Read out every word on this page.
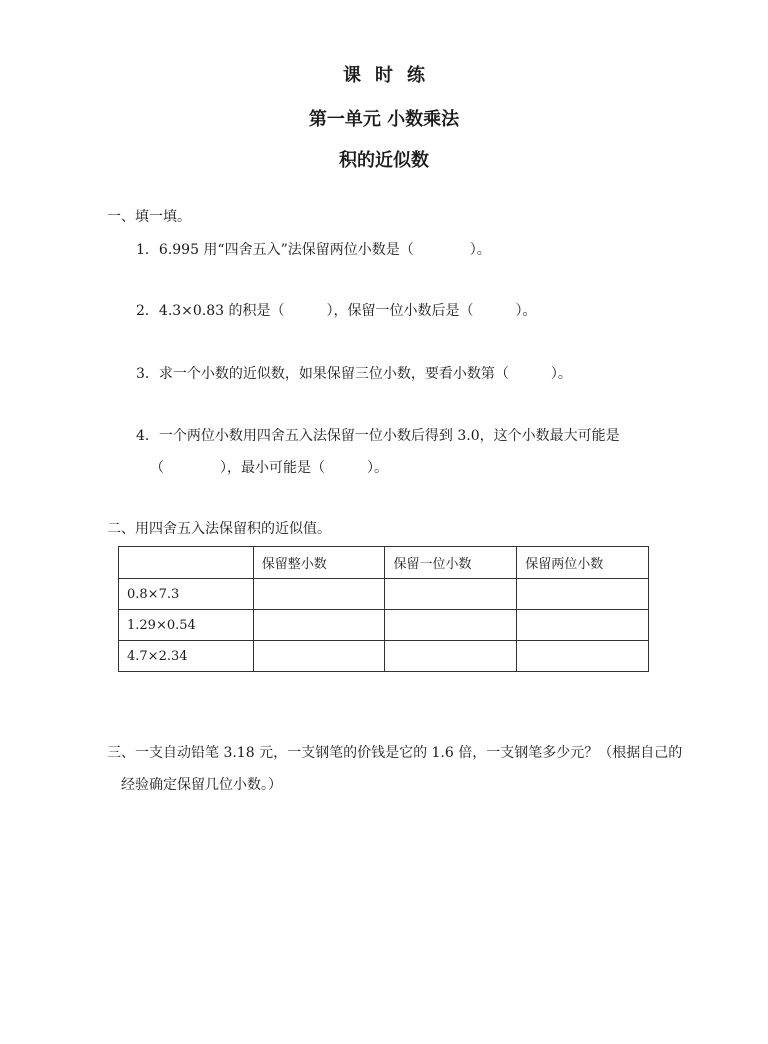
课时练
第一单元 小数乘法
积的近似数
一、填一填。
1．6.995 用“四舍五入”法保留两位小数是（　　　　）。
2．4.3×0.83 的积是（　　　），保留一位小数后是（　　　）。
3．求一个小数的近似数，如果保留三位小数，要看小数第（　　　）。
4．一个两位小数用四舍五入法保留一位小数后得到 3.0，这个小数最大可能是
（　　　　），最小可能是（　　　）。
二、用四舍五入法保留积的近似值。
	保留整小数	保留一位小数	保留两位小数
0.8×7.3			
1.29×0.54			
4.7×2.34			
三、一支自动铅笔 3.18 元，一支钢笔的价钱是它的 1.6 倍，一支钢笔多少元？（根据自己的
经验确定保留几位小数。）
